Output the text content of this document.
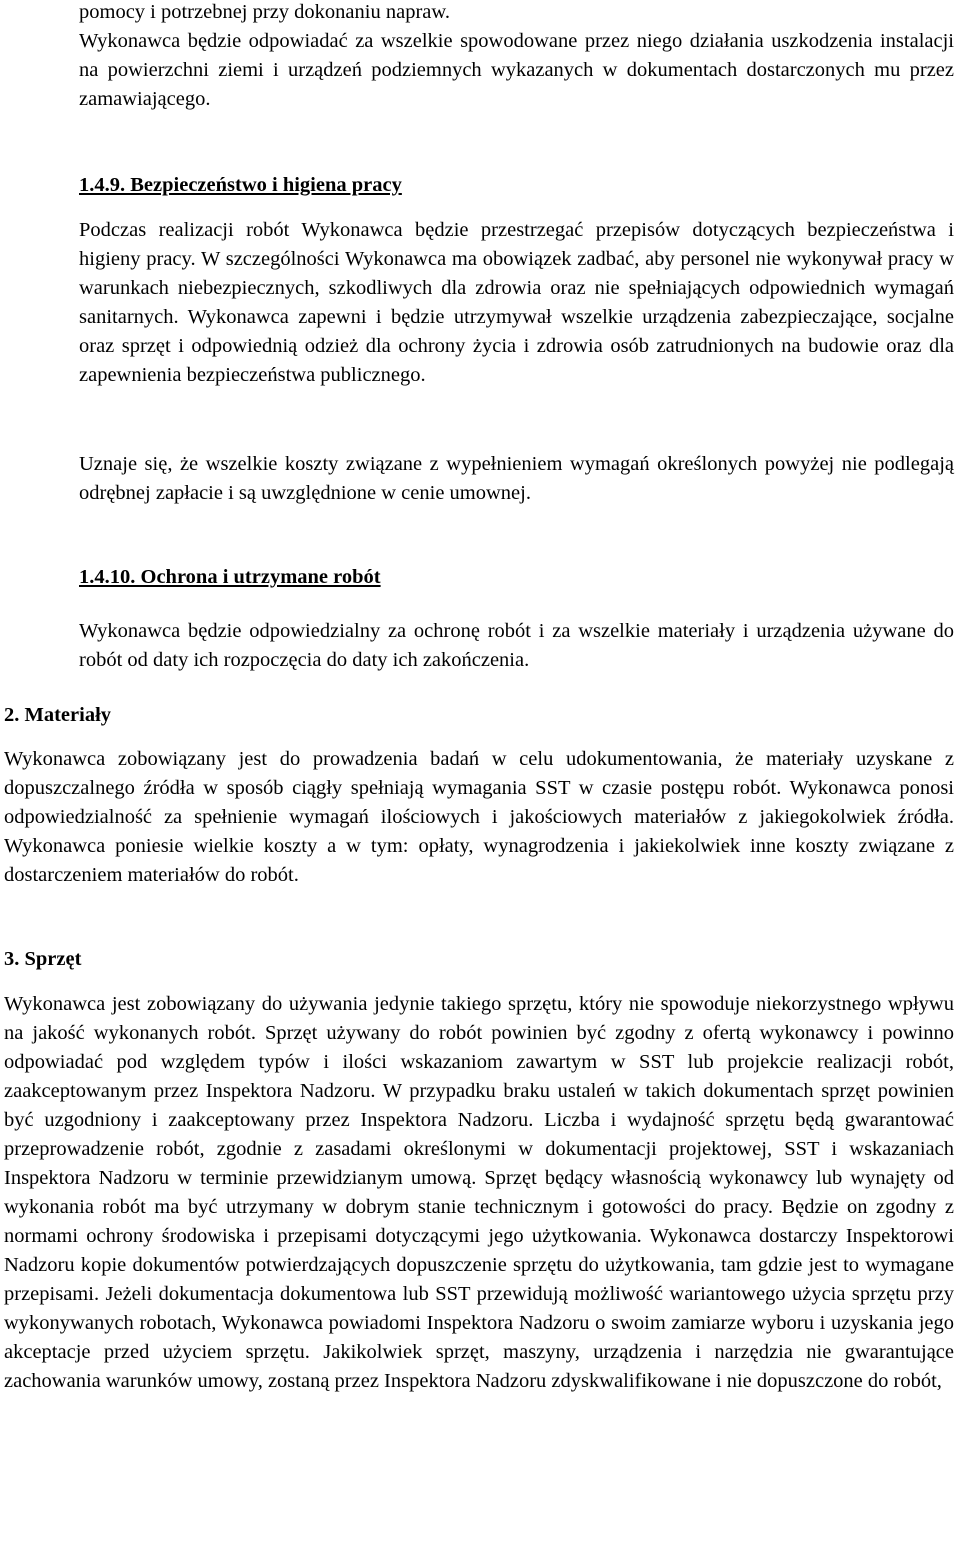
pomocy i potrzebnej przy dokonaniu napraw.

Wykonawca będzie odpowiadać za wszelkie spowodowane przez niego działania uszkodzenia instalacji na powierzchni ziemi i urządzeń podziemnych wykazanych w dokumentach dostarczonych mu przez zamawiającego.

1.4.9. Bezpieczeństwo i higiena pracy

Podczas realizacji robót Wykonawca będzie przestrzegać przepisów dotyczących bezpieczeństwa i higieny pracy. W szczególności Wykonawca ma obowiązek zadbać, aby personel nie wykonywał pracy w warunkach niebezpiecznych, szkodliwych dla zdrowia oraz nie spełniających odpowiednich wymagań sanitarnych. Wykonawca zapewni i będzie utrzymywał wszelkie urządzenia zabezpieczające, socjalne oraz sprzęt i odpowiednią odzież dla ochrony życia i zdrowia osób zatrudnionych na budowie oraz dla zapewnienia bezpieczeństwa publicznego.

Uznaje się, że wszelkie koszty związane z wypełnieniem wymagań określonych powyżej nie podlegają odrębnej zapłacie i są uwzględnione w cenie umownej.

1.4.10. Ochrona i utrzymane robót

Wykonawca będzie odpowiedzialny za ochronę robót i za wszelkie materiały i urządzenia używane do robót od daty ich rozpoczęcia do daty ich zakończenia.

2. Materiały

Wykonawca zobowiązany jest do prowadzenia badań w celu udokumentowania, że materiały uzyskane z dopuszczalnego źródła w sposób ciągły spełniają wymagania SST w czasie postępu robót. Wykonawca ponosi odpowiedzialność za spełnienie wymagań ilościowych i jakościowych materiałów z jakiegokolwiek źródła. Wykonawca poniesie wielkie koszty a w tym: opłaty, wynagrodzenia i jakiekolwiek inne koszty związane z dostarczeniem materiałów do robót.

3. Sprzęt

Wykonawca jest zobowiązany do używania jedynie takiego sprzętu, który nie spowoduje niekorzystnego wpływu na jakość wykonanych robót. Sprzęt używany do robót powinien być zgodny z ofertą wykonawcy i powinno odpowiadać pod względem typów i ilości wskazaniom zawartym w SST lub projekcie realizacji robót, zaakceptowanym przez Inspektora Nadzoru. W przypadku braku ustaleń w takich dokumentach sprzęt powinien być uzgodniony i zaakceptowany przez Inspektora Nadzoru. Liczba i wydajność sprzętu będą gwarantować przeprowadzenie robót, zgodnie z zasadami określonymi w dokumentacji projektowej, SST i wskazaniach Inspektora Nadzoru w terminie przewidzianym umową. Sprzęt będący własnością wykonawcy lub wynajęty od wykonania robót ma być utrzymany w dobrym stanie technicznym i gotowości do pracy. Będzie on zgodny z normami ochrony środowiska i przepisami dotyczącymi jego użytkowania. Wykonawca dostarczy Inspektorowi Nadzoru kopie dokumentów potwierdzających dopuszczenie sprzętu do użytkowania, tam gdzie jest to wymagane przepisami. Jeżeli dokumentacja dokumentowa lub SST przewidują możliwość wariantowego użycia sprzętu przy wykonywanych robotach, Wykonawca powiadomi Inspektora Nadzoru o swoim zamiarze wyboru i uzyskania jego akceptacje przed użyciem sprzętu. Jakikolwiek sprzęt, maszyny, urządzenia i narzędzia nie gwarantujące zachowania warunków umowy, zostaną przez Inspektora Nadzoru zdyskwalifikowane i nie dopuszczone do robót,
